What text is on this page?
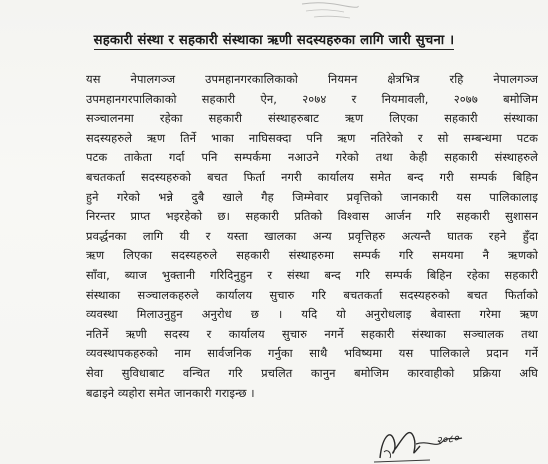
सहकारी संस्था र सहकारी संस्थाका ऋणी सदस्यहरुका लागि जारी सुचना ।
यस नेपालगञ्ज उपमहानगरकालिकाको नियमन क्षेत्रभित्र रहि नेपालगञ्ज
उपमहानगरपालिकाको सहकारी ऐन, २०७४ र नियमावली, २०७७ बमोजिम
सञ्चालनमा रहेका सहकारी संस्थाहरुबाट ऋण लिएका सहकारी संस्थाका
सदस्यहरुले ऋण तिर्ने भाका नाघिसक्दा पनि ऋण नतिरेको र सो सम्बन्धमा पटक
पटक ताकेता गर्दा पनि सम्पर्कमा नआउने गरेको तथा केही सहकारी संस्थाहरुले
बचतकर्ता सदस्यहरुको बचत फिर्ता नगरी कार्यालय समेत बन्द गरी सम्पर्क बिहिन
हुने गरेको भन्ने दुबै खाले गैह जिम्मेवार प्रवृत्तिको जानकारी यस पालिकालाइ
निरन्तर प्राप्त भइरहेको छ। सहकारी प्रतिको विश्वास आर्जन गरि सहकारी सुशासन
प्रवर्द्धनका लागि यी र यस्ता खालका अन्य प्रवृत्तिहरु अत्यन्तै घातक रहने हुँदा
ऋण लिएका सदस्यहरुले सहकारी संस्थाहरुमा सम्पर्क गरि समयमा नै ऋणको
साँवा, ब्याज भुक्तानी गरिदिनुहुन र संस्था बन्द गरि सम्पर्क बिहिन रहेका सहकारी
संस्थाका सञ्चालकहरुले कार्यालय सुचारु गरि बचतकर्ता सदस्यहरुको बचत फिर्ताको
व्यवस्था मिलाउनुहुन अनुरोध छ । यदि यो अनुरोधलाइ बेवास्ता गरेमा ऋण
नतिर्ने ऋणी सदस्य र कार्यालय सुचारु नगर्ने सहकारी संस्थाका सञ्चालक तथा
व्यवस्थापकहरुको नाम सार्वजनिक गर्नुका साथै भविष्यमा यस पालिकाले प्रदान गर्ने
सेवा सुविधाबाट वन्चित गरि प्रचलित कानुन बमोजिम कारवाहीको प्रक्रिया अघि
बढाइने व्यहोरा समेत जानकारी गराइन्छ ।
२०८०
